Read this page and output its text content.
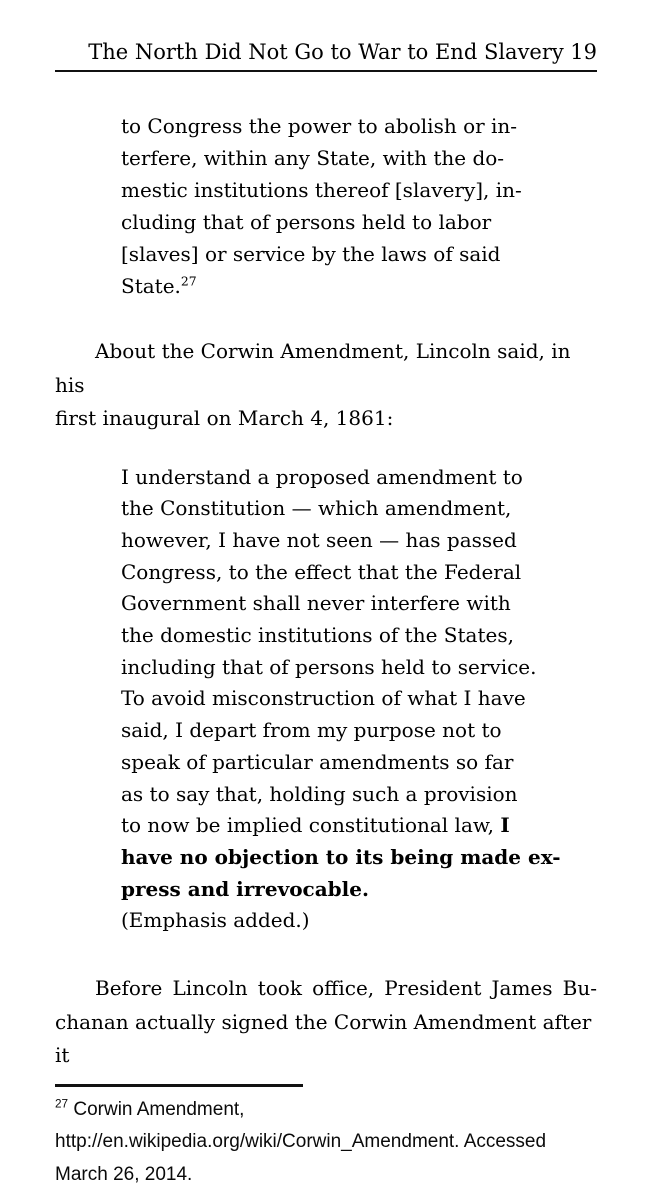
The North Did Not Go to War to End Slavery 19
to Congress the power to abolish or in-
terfere, within any State, with the do-
mestic institutions thereof [slavery], in-
cluding that of persons held to labor
[slaves] or service by the laws of said
State.$^{27}$
About the Corwin Amendment, Lincoln said, in his
first inaugural on March 4, 1861:
I understand a proposed amendment to
the Constitution — which amendment,
however, I have not seen — has passed
Congress, to the effect that the Federal
Government shall never interfere with
the domestic institutions of the States,
including that of persons held to service.
To avoid misconstruction of what I have
said, I depart from my purpose not to
speak of particular amendments so far
as to say that, holding such a provision
to now be implied constitutional law, I
have no objection to its being made ex-
press and irrevocable.
(Emphasis added.)
Before Lincoln took office, President James Bu-
chanan actually signed the Corwin Amendment after it
$^{27}$ Corwin Amendment,
http://en.wikipedia.org/wiki/Corwin_Amendment. Accessed
March 26, 2014.
